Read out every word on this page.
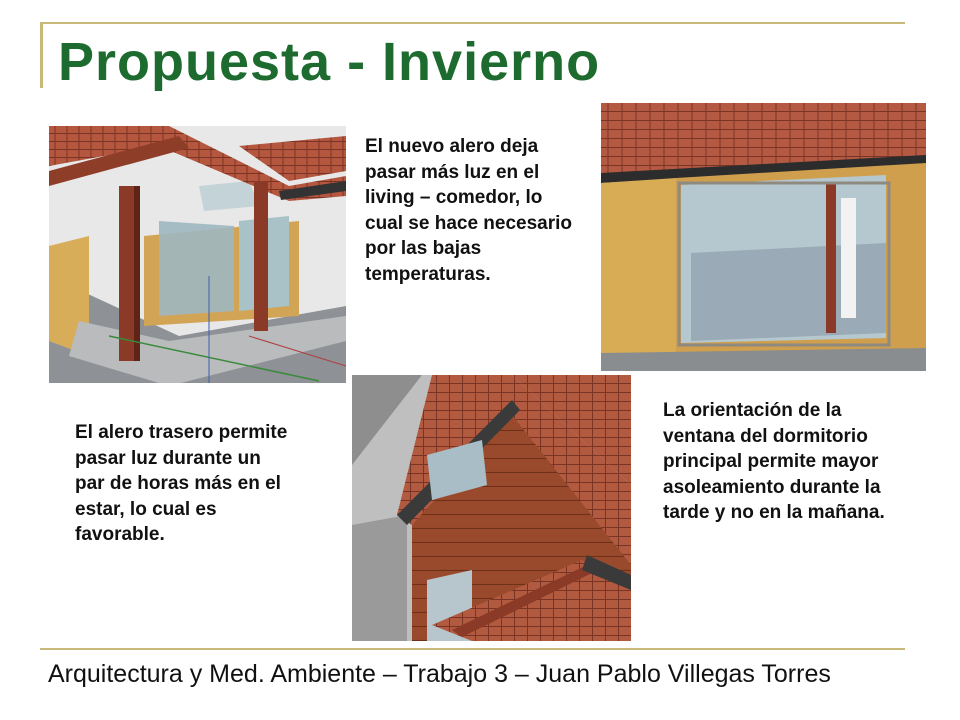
Propuesta - Invierno

El nuevo alero deja pasar más luz en el living – comedor, lo cual se hace necesario por las bajas temperaturas.

El alero trasero permite pasar luz durante un par de horas más en el estar, lo cual es favorable.

La orientación de la ventana del dormitorio principal permite mayor asoleamiento durante la tarde y no en la mañana.

Arquitectura y Med. Ambiente – Trabajo 3 – Juan Pablo Villegas Torres
